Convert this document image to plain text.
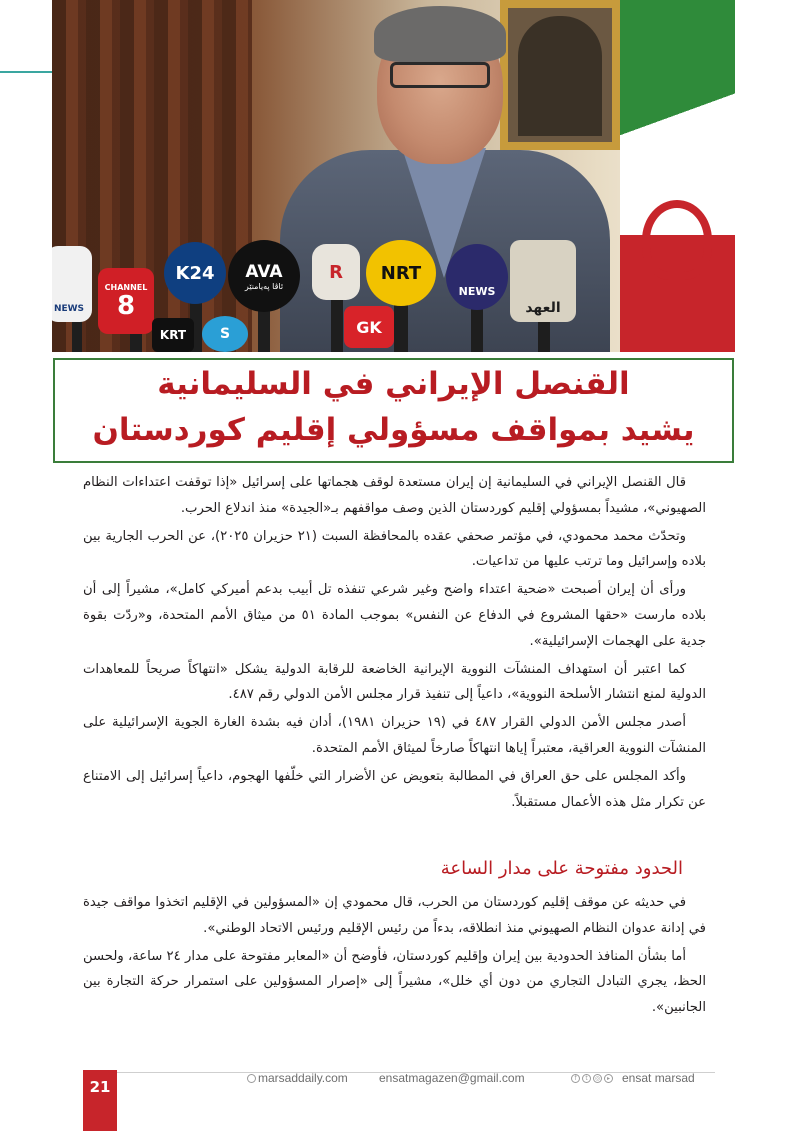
NEWS
CHANNEL
8
K24 AVA
ئاڤا پەیامنێر
R NRT
NEWS
العهد
KRT	GK
S
القنصل الإيراني في السليمانية
يشيد بمواقف مسؤولي إقليم كوردستان

قال القنصل الإيراني في السليمانية إن إيران مستعدة لوقف هجماتها على إسرائيل «إذا توقفت اعتداءات النظام الصهيوني»، مشيداً بمسؤولي إقليم كوردستان الذين وصف مواقفهم بـ«الجيدة» منذ اندلاع الحرب.

وتحدّث محمد محمودي، في مؤتمر صحفي عقده بالمحافظة السبت (٢١ حزيران ٢٠٢٥)، عن الحرب الجارية بين بلاده وإسرائيل وما ترتب عليها من تداعيات.

ورأى أن إيران أصبحت «ضحية اعتداء واضح وغير شرعي تنفذه تل أبيب بدعم أميركي كامل»، مشيراً إلى أن بلاده مارست «حقها المشروع في الدفاع عن النفس» بموجب المادة ٥١ من ميثاق الأمم المتحدة، و«ردّت بقوة جدية على الهجمات الإسرائيلية».

كما اعتبر أن استهداف المنشآت النووية الإيرانية الخاضعة للرقابة الدولية يشكل «انتهاكاً صريحاً للمعاهدات الدولية لمنع انتشار الأسلحة النووية»، داعياً إلى تنفيذ قرار مجلس الأمن الدولي رقم ٤٨٧.

أصدر مجلس الأمن الدولي القرار ٤٨٧ في (١٩ حزيران ١٩٨١)، أدان فيه بشدة الغارة الجوية الإسرائيلية على المنشآت النووية العراقية، معتبراً إياها انتهاكاً صارخاً لميثاق الأمم المتحدة.

وأكد المجلس على حق العراق في المطالبة بتعويض عن الأضرار التي خلّفها الهجوم، داعياً إسرائيل إلى الامتناع عن تكرار مثل هذه الأعمال مستقبلاً.

الحدود مفتوحة على مدار الساعة

في حديثه عن موقف إقليم كوردستان من الحرب، قال محمودي إن «المسؤولين في الإقليم اتخذوا مواقف جيدة في إدانة عدوان النظام الصهيوني منذ انطلاقه، بدءاً من رئيس الإقليم ورئيس الاتحاد الوطني».

أما بشأن المنافذ الحدودية بين إيران وإقليم كوردستان، فأوضح أن «المعابر مفتوحة على مدار ٢٤ ساعة، ولحسن الحظ، يجري التبادل التجاري من دون أي خلل»، مشيراً إلى «إصرار المسؤولين على استمرار حركة التجارة بين الجانبين».

21	marsaddaily.com	ensatmagazen@gmail.com	f	t	◎	▸ ensat marsad
